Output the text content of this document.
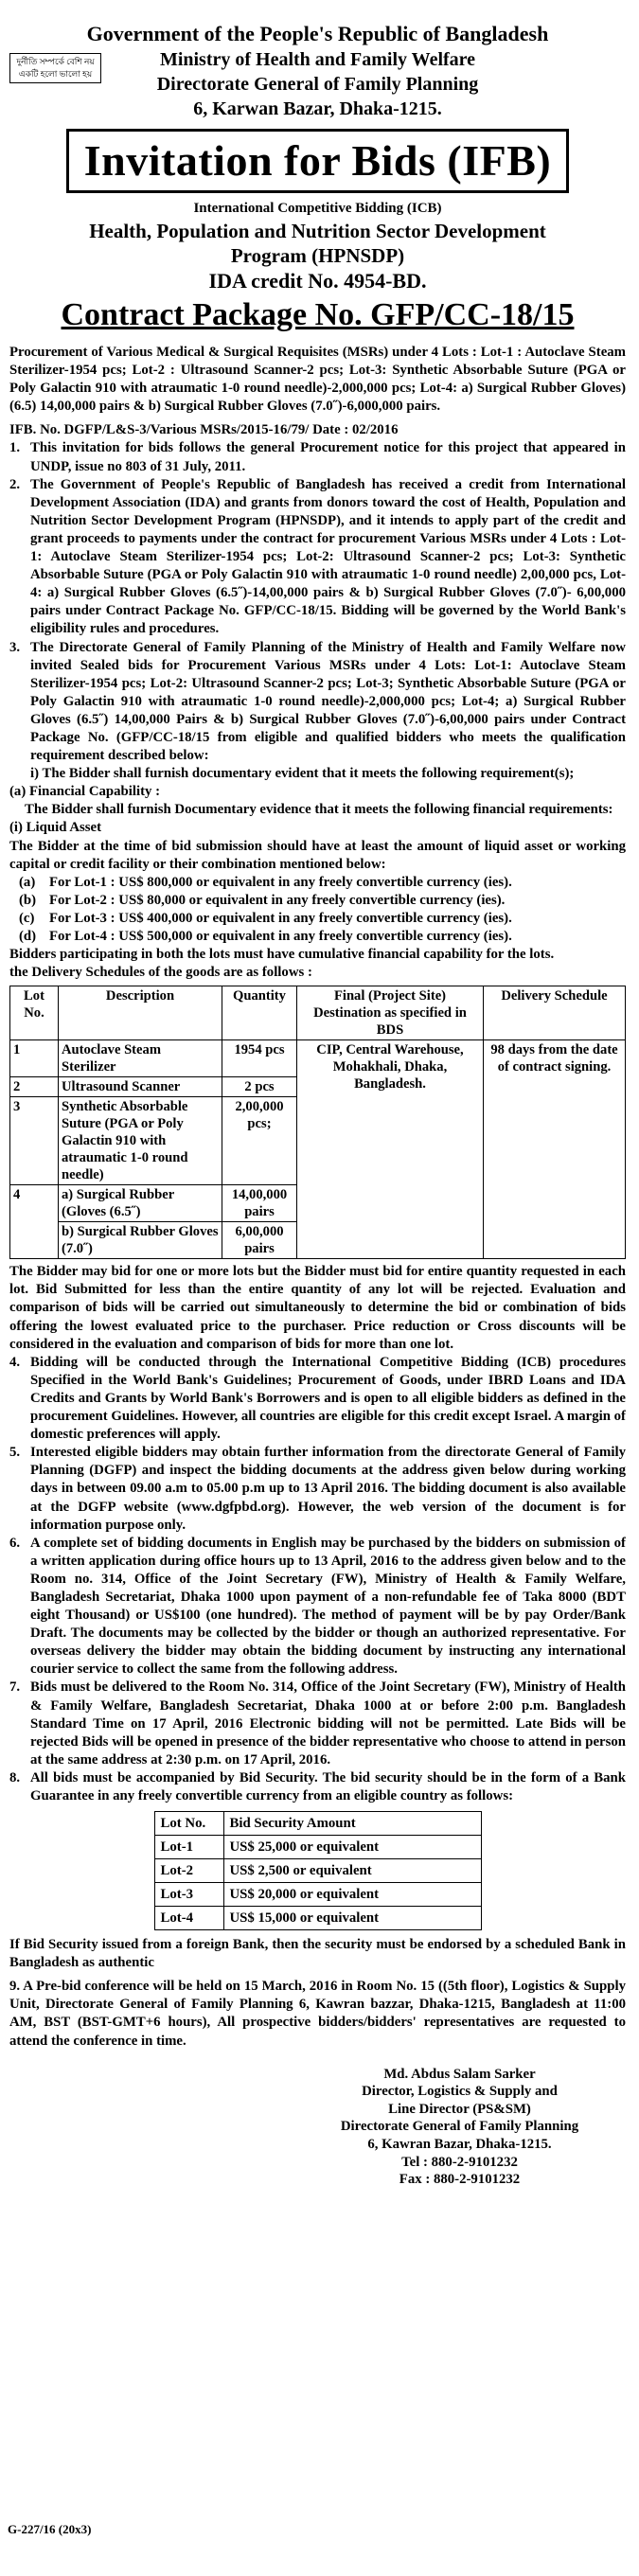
দুর্নীতি সম্পর্কে বেশি নয়
একটি হলো ভালো হয়
Government of the People's Republic of Bangladesh
Ministry of Health and Family Welfare
Directorate General of Family Planning
6, Karwan Bazar, Dhaka-1215.
Invitation for Bids (IFB)
International Competitive Bidding (ICB)
Health, Population and Nutrition Sector Development
Program (HPNSDP)
IDA credit No. 4954-BD.
Contract Package No. GFP/CC-18/15
Procurement of Various Medical & Surgical Requisites (MSRs) under 4 Lots : Lot-1 : Autoclave Steam Sterilizer-1954 pcs; Lot-2 : Ultrasound Scanner-2 pcs; Lot-3: Synthetic Absorbable Suture (PGA or Poly Galactin 910 with atraumatic 1-0 round needle)-2,000,000 pcs; Lot-4: a) Surgical Rubber Gloves) (6.5) 14,00,000 pairs & b) Surgical Rubber Gloves (7.0˝)-6,000,000 pairs.
IFB. No. DGFP/L&S-3/Various MSRs/2015-16/79/ Date : 02/2016
1. This invitation for bids follows the general Procurement notice for this project that appeared in UNDP, issue no 803 of 31 July, 2011.
2. The Government of People's Republic of Bangladesh has received a credit from International Development Association (IDA) and grants from donors toward the cost of Health, Population and Nutrition Sector Development Program (HPNSDP), and it intends to apply part of the credit and grant proceeds to payments under the contract for procurement Various MSRs under 4 Lots : Lot-1: Autoclave Steam Sterilizer-1954 pcs; Lot-2: Ultrasound Scanner-2 pcs; Lot-3: Synthetic Absorbable Suture (PGA or Poly Galactin 910 with atraumatic 1-0 round needle) 2,00,000 pcs, Lot-4: a) Surgical Rubber Gloves (6.5˝)-14,00,000 pairs & b) Surgical Rubber Gloves (7.0˝)- 6,00,000 pairs under Contract Package No. GFP/CC-18/15. Bidding will be governed by the World Bank's eligibility rules and procedures.
3. The Directorate General of Family Planning of the Ministry of Health and Family Welfare now invited Sealed bids for Procurement Various MSRs under 4 Lots: Lot-1: Autoclave Steam Sterilizer-1954 pcs; Lot-2: Ultrasound Scanner-2 pcs; Lot-3; Synthetic Absorbable Suture (PGA or Poly Galactin 910 with atraumatic 1-0 round needle)-2,000,000 pcs; Lot-4; a) Surgical Rubber Gloves (6.5˝) 14,00,000 Pairs & b) Surgical Rubber Gloves (7.0˝)-6,00,000 pairs under Contract Package No. (GFP/CC-18/15 from eligible and qualified bidders who meets the qualification requirement described below:
i) The Bidder shall furnish documentary evident that it meets the following requirement(s);
(a) Financial Capability :
The Bidder shall furnish Documentary evidence that it meets the following financial requirements:
(i) Liquid Asset
The Bidder at the time of bid submission should have at least the amount of liquid asset or working capital or credit facility or their combination mentioned below:
(a) For Lot-1 : US$ 800,000 or equivalent in any freely convertible currency (ies).
(b) For Lot-2 : US$ 80,000 or equivalent in any freely convertible currency (ies).
(c)	For Lot-3 : US$ 400,000 or equivalent in any freely convertible currency (ies).
(d) For Lot-4 : US$ 500,000 or equivalent in any freely convertible currency (ies).
Bidders participating in both the lots must have cumulative financial capability for the lots.
the Delivery Schedules of the goods are as follows :
Lot No.	Description	Quantity	Final (Project Site) Destination as specified in BDS	Delivery Schedule
1	Autoclave Steam Sterilizer	1954 pcs	CIP, Central Warehouse, Mohakhali, Dhaka, Bangladesh.	98 days from the date of contract signing.
2	Ultrasound Scanner	2 pcs		
3	Synthetic Absorbable Suture (PGA or Poly Galactin 910 with atraumatic 1-0 round needle)	2,00,000 pcs;		
4	a) Surgical Rubber (Gloves (6.5˝)	14,00,000 pairs		
	b) Surgical Rubber Gloves (7.0˝)	6,00,000 pairs		
The Bidder may bid for one or more lots but the Bidder must bid for entire quantity requested in each lot. Bid Submitted for less than the entire quantity of any lot will be rejected. Evaluation and comparison of bids will be carried out simultaneously to determine the bid or combination of bids offering the lowest evaluated price to the purchaser. Price reduction or Cross discounts will be considered in the evaluation and comparison of bids for more than one lot.
4. Bidding will be conducted through the International Competitive Bidding (ICB) procedures Specified in the World Bank's Guidelines; Procurement of Goods, under IBRD Loans and IDA Credits and Grants by World Bank's Borrowers and is open to all eligible bidders as defined in the procurement Guidelines. However, all countries are eligible for this credit except Israel. A margin of domestic preferences will apply.
5. Interested eligible bidders may obtain further information from the directorate General of Family Planning (DGFP) and inspect the bidding documents at the address given below during working days in between 09.00 a.m to 05.00 p.m up to 13 April 2016. The bidding document is also available at the DGFP website (www.dgfpbd.org). However, the web version of the document is for information purpose only.
6. A complete set of bidding documents in English may be purchased by the bidders on submission of a written application during office hours up to 13 April, 2016 to the address given below and to the Room no. 314, Office of the Joint Secretary (FW), Ministry of Health & Family Welfare, Bangladesh Secretariat, Dhaka 1000 upon payment of a non-refundable fee of Taka 8000 (BDT eight Thousand) or US$100 (one hundred). The method of payment will be by pay Order/Bank Draft. The documents may be collected by the bidder or though an authorized representative. For overseas delivery the bidder may obtain the bidding document by instructing any international courier service to collect the same from the following address.
7. Bids must be delivered to the Room No. 314, Office of the Joint Secretary (FW), Ministry of Health & Family Welfare, Bangladesh Secretariat, Dhaka 1000 at or before 2:00 p.m. Bangladesh Standard Time on 17 April, 2016 Electronic bidding will not be permitted. Late Bids will be rejected Bids will be opened in presence of the bidder representative who choose to attend in person at the same address at 2:30 p.m. on 17 April, 2016.
8. All bids must be accompanied by Bid Security. The bid security should be in the form of a Bank Guarantee in any freely convertible currency from an eligible country as follows:
Lot No.	Bid Security Amount
Lot-1	US$ 25,000 or equivalent
Lot-2	US$ 2,500 or equivalent
Lot-3	US$ 20,000 or equivalent
Lot-4	US$ 15,000 or equivalent
If Bid Security issued from a foreign Bank, then the security must be endorsed by a scheduled Bank in Bangladesh as authentic
9. A Pre-bid conference will be held on 15 March, 2016 in Room No. 15 ((5th floor), Logistics & Supply Unit, Directorate General of Family Planning 6, Kawran bazzar, Dhaka-1215, Bangladesh at 11:00 AM, BST (BST-GMT+6 hours), All prospective bidders/bidders' representatives are requested to attend the conference in time.
Md. Abdus Salam Sarker
Director, Logistics & Supply and
Line Director (PS&SM)
Directorate General of Family Planning
6, Kawran Bazar, Dhaka-1215.
Tel : 880-2-9101232
Fax : 880-2-9101232
G-227/16 (20x3)
